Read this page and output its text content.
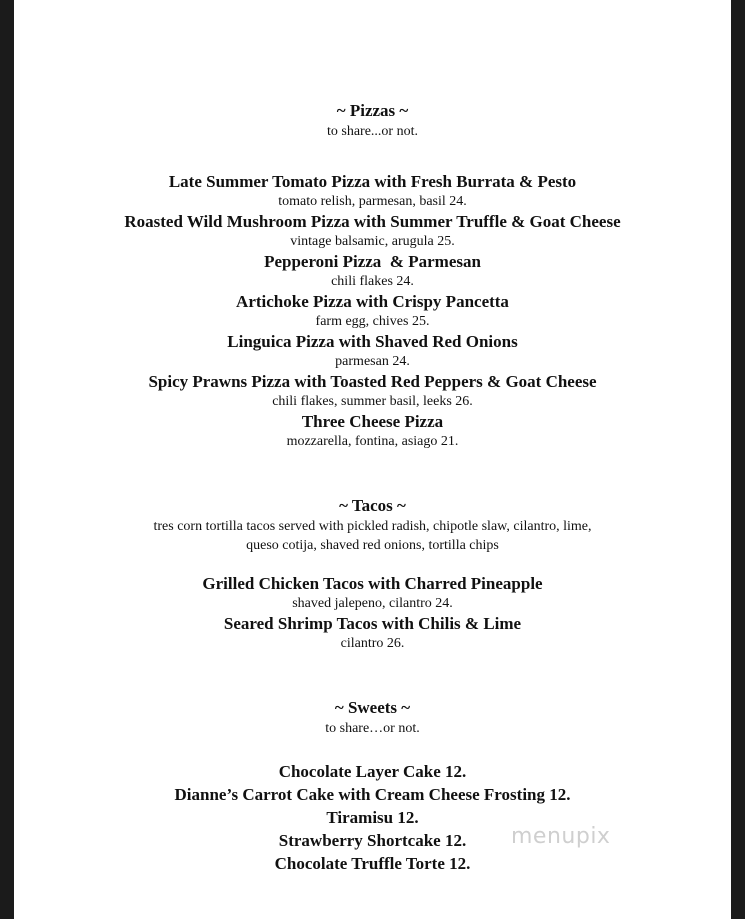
~ Pizzas ~

to share...or not.

Late Summer Tomato Pizza with Fresh Burrata & Pesto

tomato relish, parmesan, basil 24.

Roasted Wild Mushroom Pizza with Summer Truffle & Goat Cheese

vintage balsamic, arugula 25.

Pepperoni Pizza  & Parmesan

chili flakes 24.

Artichoke Pizza with Crispy Pancetta

farm egg, chives 25.

Linguica Pizza with Shaved Red Onions

parmesan 24.

Spicy Prawns Pizza with Toasted Red Peppers & Goat Cheese

chili flakes, summer basil, leeks 26.

Three Cheese Pizza

mozzarella, fontina, asiago 21.

~ Tacos ~

tres corn tortilla tacos served with pickled radish, chipotle slaw, cilantro, lime,

queso cotija, shaved red onions, tortilla chips

Grilled Chicken Tacos with Charred Pineapple

shaved jalepeno, cilantro 24.

Seared Shrimp Tacos with Chilis & Lime

cilantro 26.

~ Sweets ~

to share…or not.

Chocolate Layer Cake 12.

Dianne’s Carrot Cake with Cream Cheese Frosting 12.

Tiramisu 12.

Strawberry Shortcake 12.

Chocolate Truffle Torte 12.

menupix
